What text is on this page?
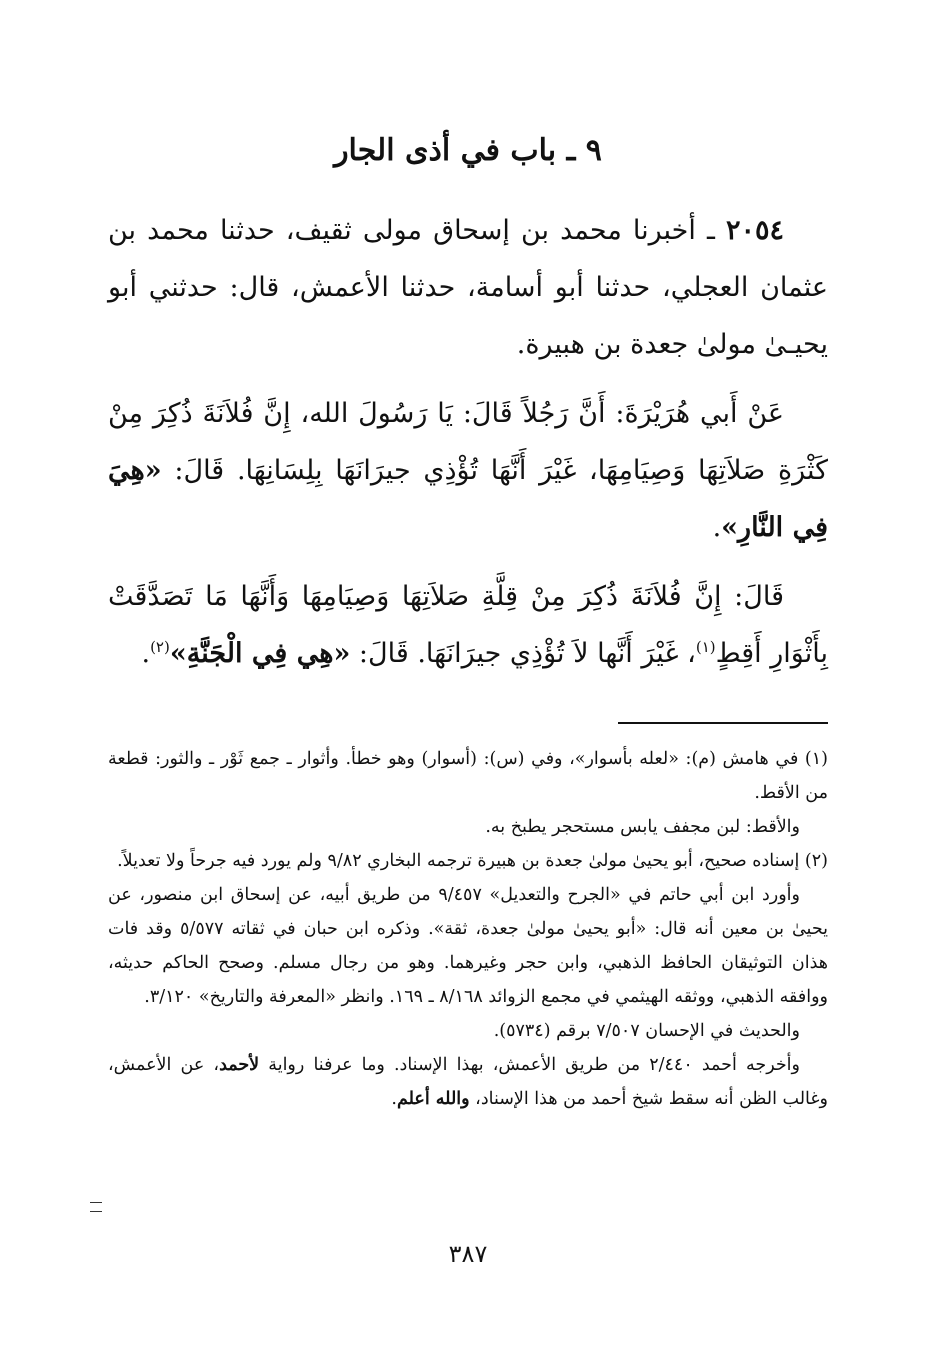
٩ ـ باب في أذى الجار

٢٠٥٤ ـ أخبرنا محمد بن إسحاق مولى ثقيف، حدثنا محمد بن عثمان العجلي، حدثنا أبو أسامة، حدثنا الأعمش، قال: حدثني أبو يحيـىٰ مولىٰ جعدة بن هبيرة.

عَنْ أَبي هُرَيْرَةَ: أَنَّ رَجُلاً قَالَ: يَا رَسُولَ الله، إِنَّ فُلاَنَةَ ذُكِرَ مِنْ كَثْرَةِ صَلاَتِهَا وَصِيَامِهَا، غَيْرَ أَنَّهَا تُؤْذِي جيرَانَهَا بِلِسَانِهَا. قَالَ: «هِيَ فِي النَّارِ».

قَالَ: إِنَّ فُلاَنَةَ ذُكِرَ مِنْ قِلَّةِ صَلاَتِهَا وَصِيَامِهَا وَأَنَّهَا مَا تَصَدَّقَتْ بِأَثْوَارِ أَقِطٍ$^{(١)}$، غَيْرَ أَنَّها لاَ تُؤْذِي جيرَانَهَا. قَالَ: «هِي فِي الْجَنَّةِ»$^{(٢)}$.

(١) في هامش (م): «لعله بأسوار»، وفي (س): (أسوار) وهو خطأ. وأثوار ـ جمع ثَوْر ـ والثور: قطعة من الأقط.

والأقط: لبن مجفف يابس مستحجر يطبخ به.

(٢) إسناده صحيح، أبو يحيىٰ مولىٰ جعدة بن هبيرة ترجمه البخاري ٩/٨٢ ولم يورد فيه جرحاً ولا تعديلاً.

وأورد ابن أبي حاتم في «الجرح والتعديل» ٩/٤٥٧ من طريق أبيه، عن إسحاق ابن منصور، عن يحيىٰ بن معين أنه قال: «أبو يحيىٰ مولىٰ جعدة، ثقة». وذكره ابن حبان في ثقاته ٥/٥٧٧ وقد فات هذان التوثيقان الحافظ الذهبي، وابن حجر وغيرهما. وهو من رجال مسلم. وصحح الحاكم حديثه، ووافقه الذهبي، ووثقه الهيثمي في مجمع الزوائد ٨/١٦٨ ـ ١٦٩. وانظر «المعرفة والتاريخ» ٣/١٢٠.

والحديث في الإحسان ٧/٥٠٧ برقم (٥٧٣٤).

وأخرجه أحمد ٢/٤٤٠ من طريق الأعمش، بهذا الإسناد. وما عرفنا رواية لأحمد، عن الأعمش، وغالب الظن أنه سقط شيخ أحمد من هذا الإسناد، والله أعلم.

٣٨٧
